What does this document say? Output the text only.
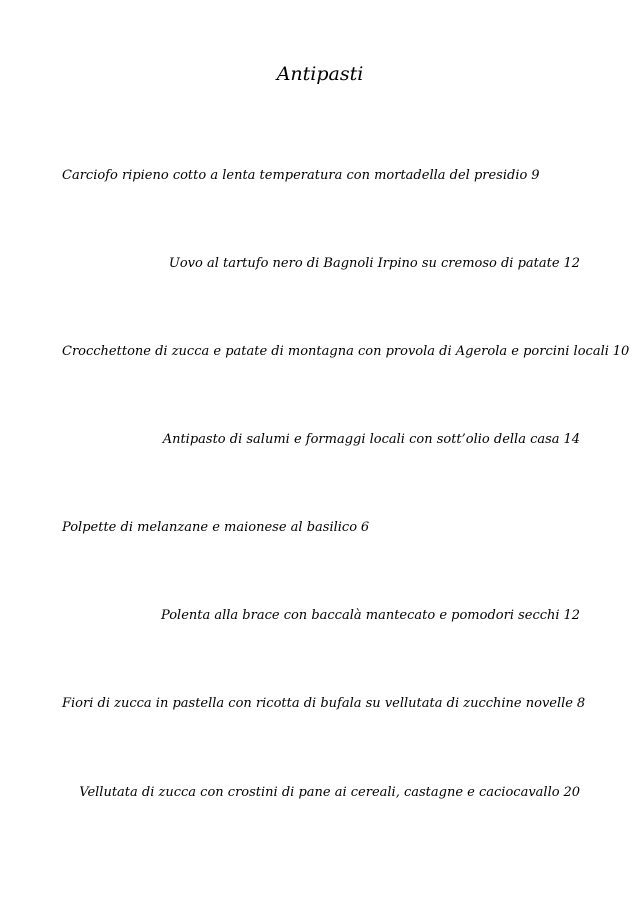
Antipasti
Carciofo ripieno cotto a lenta temperatura con mortadella del presidio 9
Uovo al tartufo nero di Bagnoli Irpino su cremoso di patate 12
Crocchettone di zucca e patate di montagna con provola di Agerola e porcini locali 10
Antipasto di salumi e formaggi locali con sott’olio della casa 14
Polpette di melanzane e maionese al basilico 6
Polenta alla brace con baccalà mantecato e pomodori secchi 12
Fiori di zucca in pastella con ricotta di bufala su vellutata di zucchine novelle 8
Vellutata di zucca con crostini di pane ai cereali, castagne e caciocavallo 20
